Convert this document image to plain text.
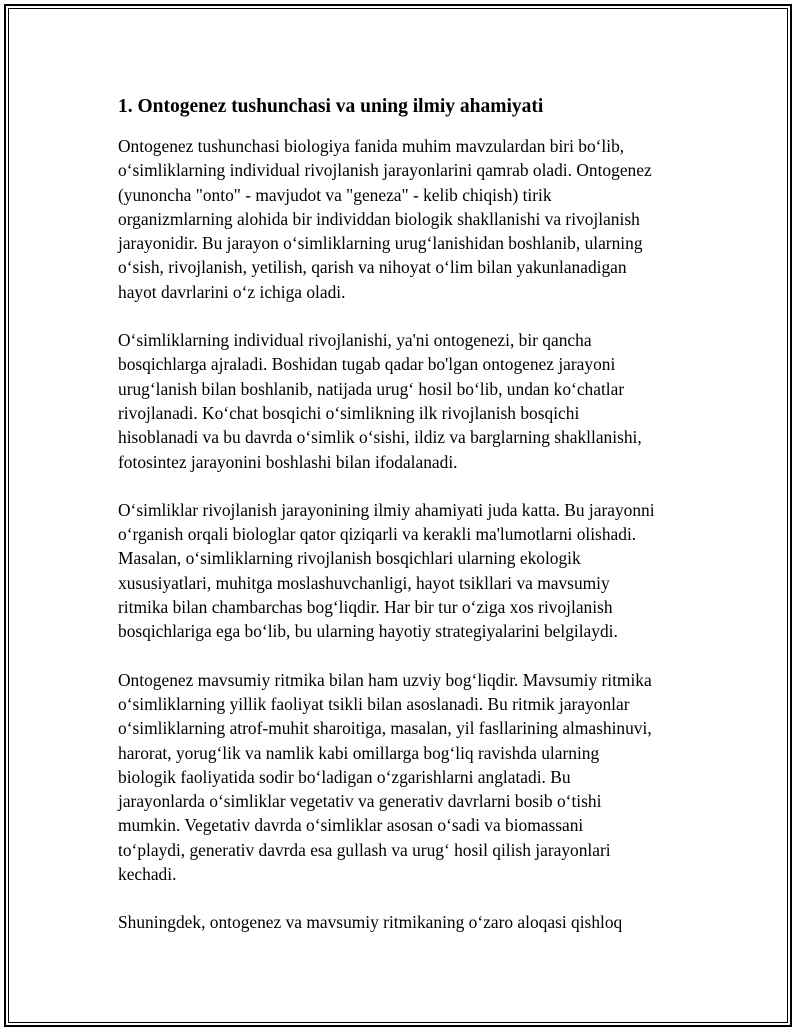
1. Ontogenez tushunchasi va uning ilmiy ahamiyati
Ontogenez tushunchasi biologiya fanida muhim mavzulardan biri bo‘lib,
o‘simliklarning individual rivojlanish jarayonlarini qamrab oladi. Ontogenez
(yunoncha "onto" - mavjudot va "geneza" - kelib chiqish) tirik
organizmlarning alohida bir individdan biologik shakllanishi va rivojlanish
jarayonidir. Bu jarayon o‘simliklarning urug‘lanishidan boshlanib, ularning
o‘sish, rivojlanish, yetilish, qarish va nihoyat o‘lim bilan yakunlanadigan
hayot davrlarini o‘z ichiga oladi.
O‘simliklarning individual rivojlanishi, ya'ni ontogenezi, bir qancha
bosqichlarga ajraladi. Boshidan tugab qadar bo'lgan ontogenez jarayoni
urug‘lanish bilan boshlanib, natijada urug‘ hosil bo‘lib, undan ko‘chatlar
rivojlanadi. Ko‘chat bosqichi o‘simlikning ilk rivojlanish bosqichi
hisoblanadi va bu davrda o‘simlik o‘sishi, ildiz va barglarning shakllanishi,
fotosintez jarayonini boshlashi bilan ifodalanadi.
O‘simliklar rivojlanish jarayonining ilmiy ahamiyati juda katta. Bu jarayonni
o‘rganish orqali biologlar qator qiziqarli va kerakli ma'lumotlarni olishadi.
Masalan, o‘simliklarning rivojlanish bosqichlari ularning ekologik
xususiyatlari, muhitga moslashuvchanligi, hayot tsikllari va mavsumiy
ritmika bilan chambarchas bog‘liqdir. Har bir tur o‘ziga xos rivojlanish
bosqichlariga ega bo‘lib, bu ularning hayotiy strategiyalarini belgilaydi.
Ontogenez mavsumiy ritmika bilan ham uzviy bog‘liqdir. Mavsumiy ritmika
o‘simliklarning yillik faoliyat tsikli bilan asoslanadi. Bu ritmik jarayonlar
o‘simliklarning atrof-muhit sharoitiga, masalan, yil fasllarining almashinuvi,
harorat, yorug‘lik va namlik kabi omillarga bog‘liq ravishda ularning
biologik faoliyatida sodir bo‘ladigan o‘zgarishlarni anglatadi. Bu
jarayonlarda o‘simliklar vegetativ va generativ davrlarni bosib o‘tishi
mumkin. Vegetativ davrda o‘simliklar asosan o‘sadi va biomassani
to‘playdi, generativ davrda esa gullash va urug‘ hosil qilish jarayonlari
kechadi.
Shuningdek, ontogenez va mavsumiy ritmikaning o‘zaro aloqasi qishloq
